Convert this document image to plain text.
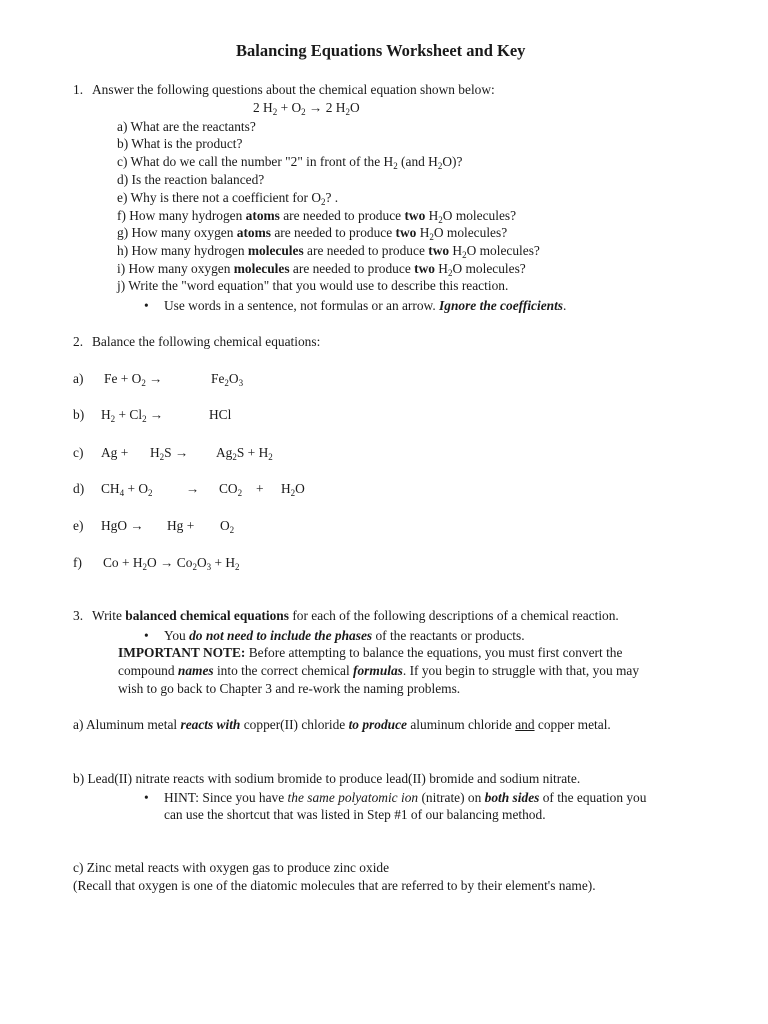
Balancing Equations Worksheet and Key
1. Answer the following questions about the chemical equation shown below:
2 $H_2 + O_2 \to 2$ $H_2O$
a) What are the reactants?
b) What is the product?
c) What do we call the number "2" in front of the $H_2$ (and $H_2O$)?
d) Is the reaction balanced?
e) Why is there not a coefficient for $O_2$? .
f) How many hydrogen atoms are needed to produce two $H_2O$ molecules?
g) How many oxygen atoms are needed to produce two $H_2O$ molecules?
h) How many hydrogen molecules are needed to produce two $H_2O$ molecules?
i) How many oxygen molecules are needed to produce two $H_2O$ molecules?
j) Write the "word equation" that you would use to describe this reaction.
• Use words in a sentence, not formulas or an arrow. Ignore the coefficients.
2. Balance the following chemical equations:
a) $Fe + O_2$ →	$Fe_2O_3$
b) $H_2 + Cl_2$ →	HCl
c) $Ag + H_2S \to Ag_2S + H_2$
d) $CH_4 + O_2 \to CO_2 + H_2O$
e) HgO → $Hg + O_2$
f) $Co + H_2O \to Co_2O_3 + H_2$
3. Write balanced chemical equations for each of the following descriptions of a chemical reaction.
• You do not need to include the phases of the reactants or products.
IMPORTANT NOTE: Before attempting to balance the equations, you must first convert the
compound names into the correct chemical formulas. If you begin to struggle with that, you may
wish to go back to Chapter 3 and re-work the naming problems.
a) Aluminum metal reacts with copper(II) chloride to produce aluminum chloride and copper metal.
b) Lead(II) nitrate reacts with sodium bromide to produce lead(II) bromide and sodium nitrate.
• HINT: Since you have the same polyatomic ion (nitrate) on both sides of the equation you
can use the shortcut that was listed in Step #1 of our balancing method.
c) Zinc metal reacts with oxygen gas to produce zinc oxide
(Recall that oxygen is one of the diatomic molecules that are referred to by their element's name).
